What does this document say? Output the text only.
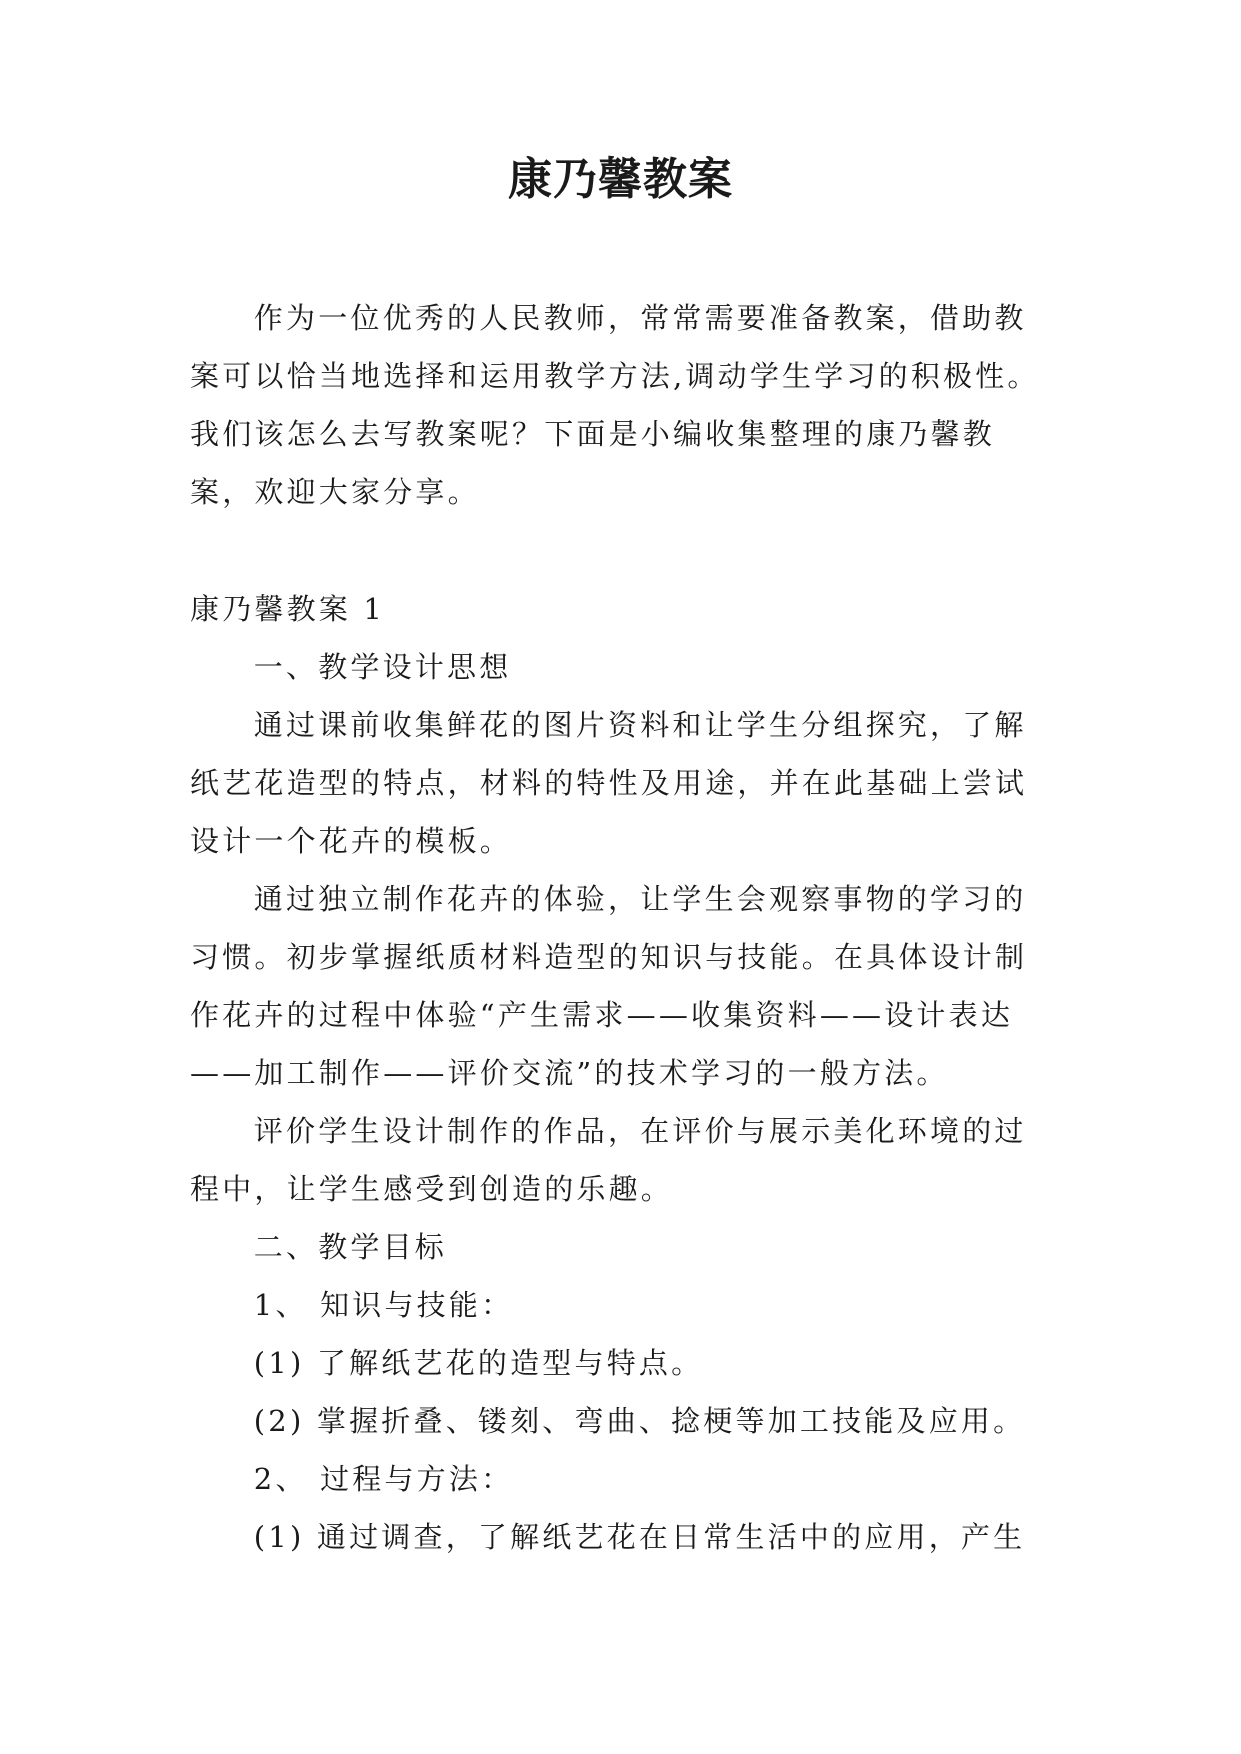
康乃馨教案

作为一位优秀的人民教师，常常需要准备教案，借助教案可以恰当地选择和运用教学方法,调动学生学习的积极性。我们该怎么去写教案呢？下面是小编收集整理的康乃馨教案，欢迎大家分享。

康乃馨教案 1

一、教学设计思想

通过课前收集鲜花的图片资料和让学生分组探究，了解纸艺花造型的特点，材料的特性及用途，并在此基础上尝试设计一个花卉的模板。

通过独立制作花卉的体验，让学生会观察事物的学习的习惯。初步掌握纸质材料造型的知识与技能。在具体设计制作花卉的过程中体验“产生需求——收集资料——设计表达——加工制作——评价交流”的技术学习的一般方法。

评价学生设计制作的作品，在评价与展示美化环境的过程中，让学生感受到创造的乐趣。

二、教学目标

1、 知识与技能：

(1) 了解纸艺花的造型与特点。

(2) 掌握折叠、镂刻、弯曲、捻梗等加工技能及应用。

2、 过程与方法：

(1) 通过调查，了解纸艺花在日常生活中的应用，产生
